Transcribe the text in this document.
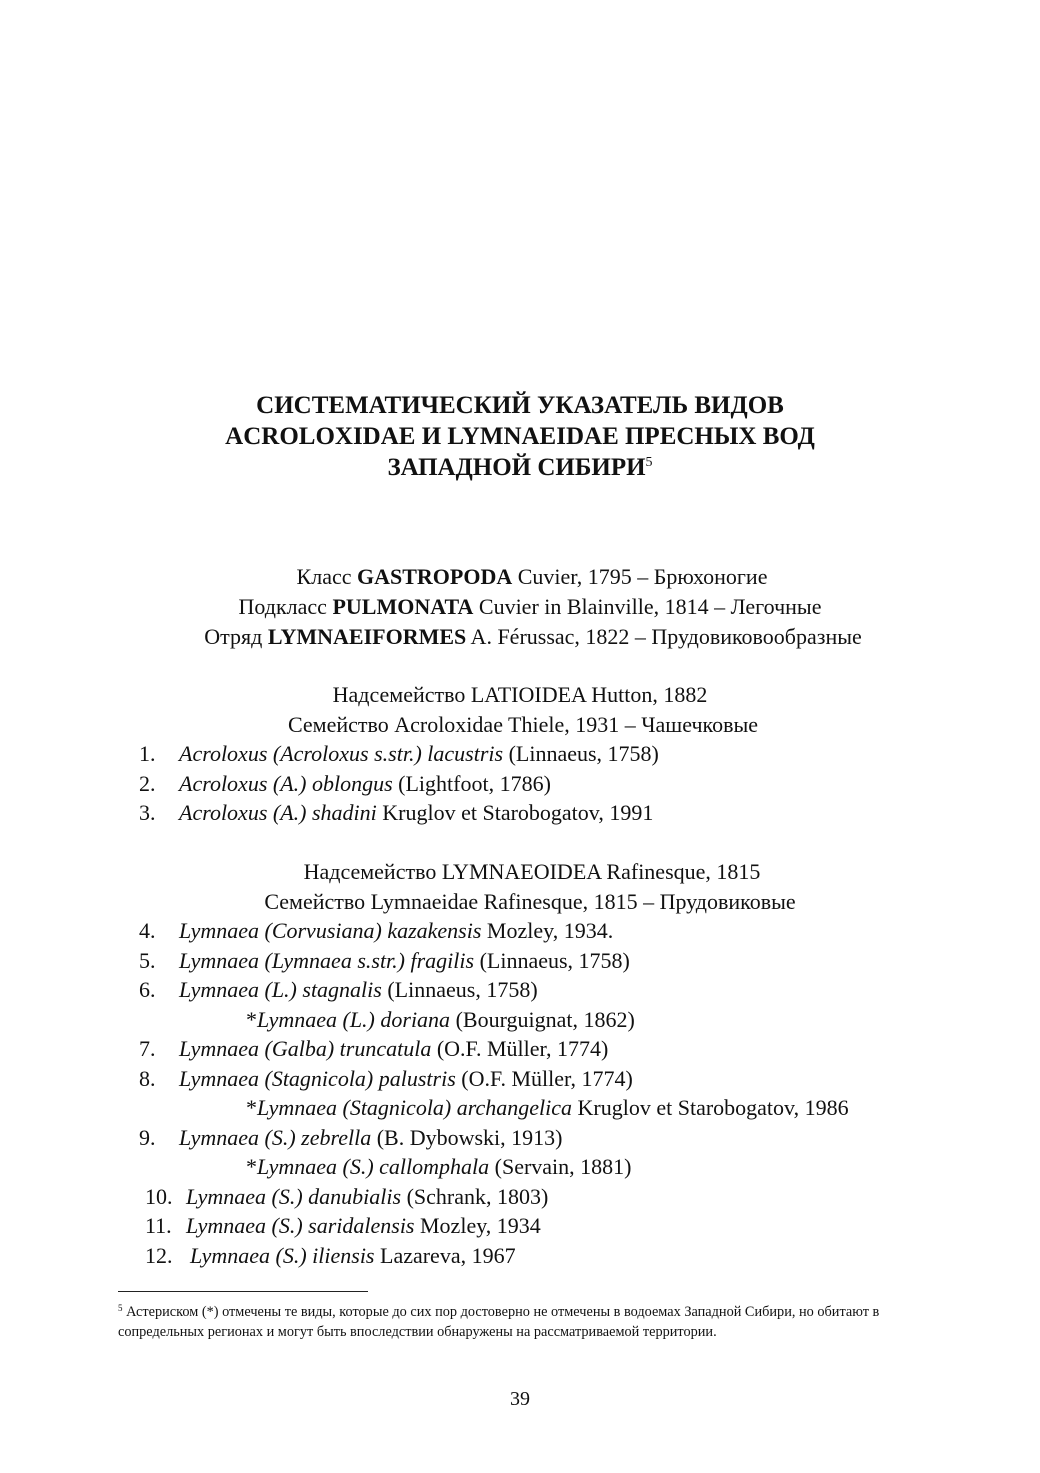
СИСТЕМАТИЧЕСКИЙ УКАЗАТЕЛЬ ВИДОВ
ACROLOXIDAE И LYMNAEIDAE ПРЕСНЫХ ВОД
ЗАПАДНОЙ СИБИРИ$^5$
Класс GASTROPODA Cuvier, 1795 – Брюхоногие
Подкласс PULMONATA Cuvier in Blainville, 1814 – Легочные
Отряд LYMNAEIFORMES A. Férussac, 1822 – Прудовиковообразные
Надсемейство LATIOIDEA Hutton, 1882
Семейство Acroloxidae Thiele, 1931 – Чашечковые
1. Acroloxus (Acroloxus s.str.) lacustris (Linnaeus, 1758)
2. Acroloxus (A.) oblongus (Lightfoot, 1786)
3. Acroloxus (A.) shadini Kruglov et Starobogatov, 1991
Надсемейство LYMNAEOIDEA Rafinesque, 1815
Семейство Lymnaeidae Rafinesque, 1815 – Прудовиковые
4. Lymnaea (Corvusiana) kazakensis Mozley, 1934.
5. Lymnaea (Lymnaea s.str.) fragilis (Linnaeus, 1758)
6. Lymnaea (L.) stagnalis (Linnaeus, 1758)
*Lymnaea (L.) doriana (Bourguignat, 1862)
7. Lymnaea (Galba) truncatula (O.F. Müller, 1774)
8. Lymnaea (Stagnicola) palustris (O.F. Müller, 1774)
*Lymnaea (Stagnicola) archangelica Kruglov et Starobogatov, 1986
9. Lymnaea (S.) zebrella (B. Dybowski, 1913)
*Lymnaea (S.) callomphala (Servain, 1881)
10. Lymnaea (S.) danubialis (Schrank, 1803)
11. Lymnaea (S.) saridalensis Mozley, 1934
12. Lymnaea (S.) iliensis Lazareva, 1967
$^5$ Астериском (*) отмечены те виды, которые до сих пор достоверно не отмечены в водоемах Западной Сибири, но обитают в сопредельных регионах и могут быть впоследствии обнаружены на рассматриваемой территории.
39
